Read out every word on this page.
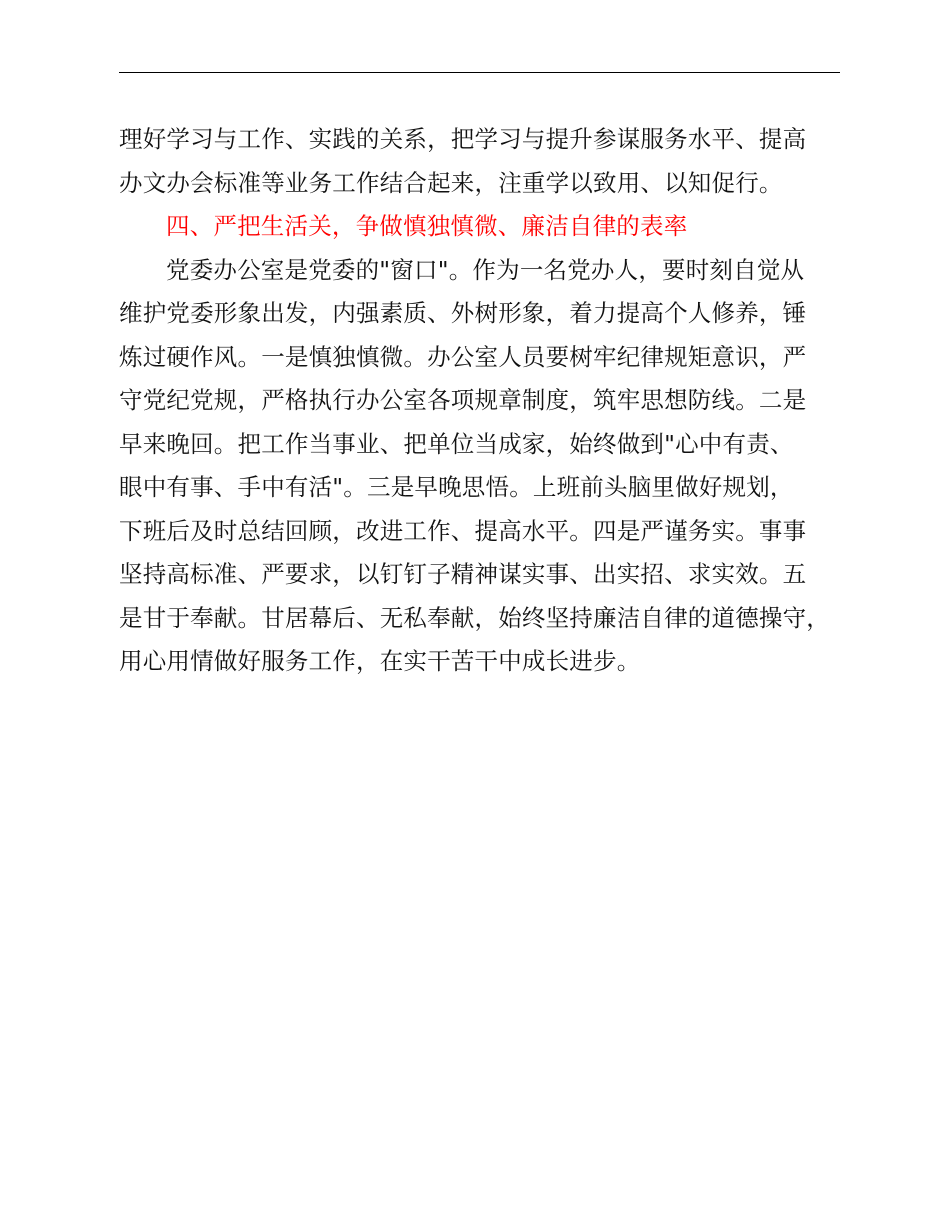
理好学习与工作、实践的关系，把学习与提升参谋服务水平、提高
办文办会标准等业务工作结合起来，注重学以致用、以知促行。
四、严把生活关，争做慎独慎微、廉洁自律的表率
党委办公室是党委的"窗口"。作为一名党办人，要时刻自觉从
维护党委形象出发，内强素质、外树形象，着力提高个人修养，锤
炼过硬作风。一是慎独慎微。办公室人员要树牢纪律规矩意识，严
守党纪党规，严格执行办公室各项规章制度，筑牢思想防线。二是
早来晚回。把工作当事业、把单位当成家，始终做到"心中有责、
眼中有事、手中有活"。三是早晚思悟。上班前头脑里做好规划，
下班后及时总结回顾，改进工作、提高水平。四是严谨务实。事事
坚持高标准、严要求，以钉钉子精神谋实事、出实招、求实效。五
是甘于奉献。甘居幕后、无私奉献，始终坚持廉洁自律的道德操守，
用心用情做好服务工作，在实干苦干中成长进步。
